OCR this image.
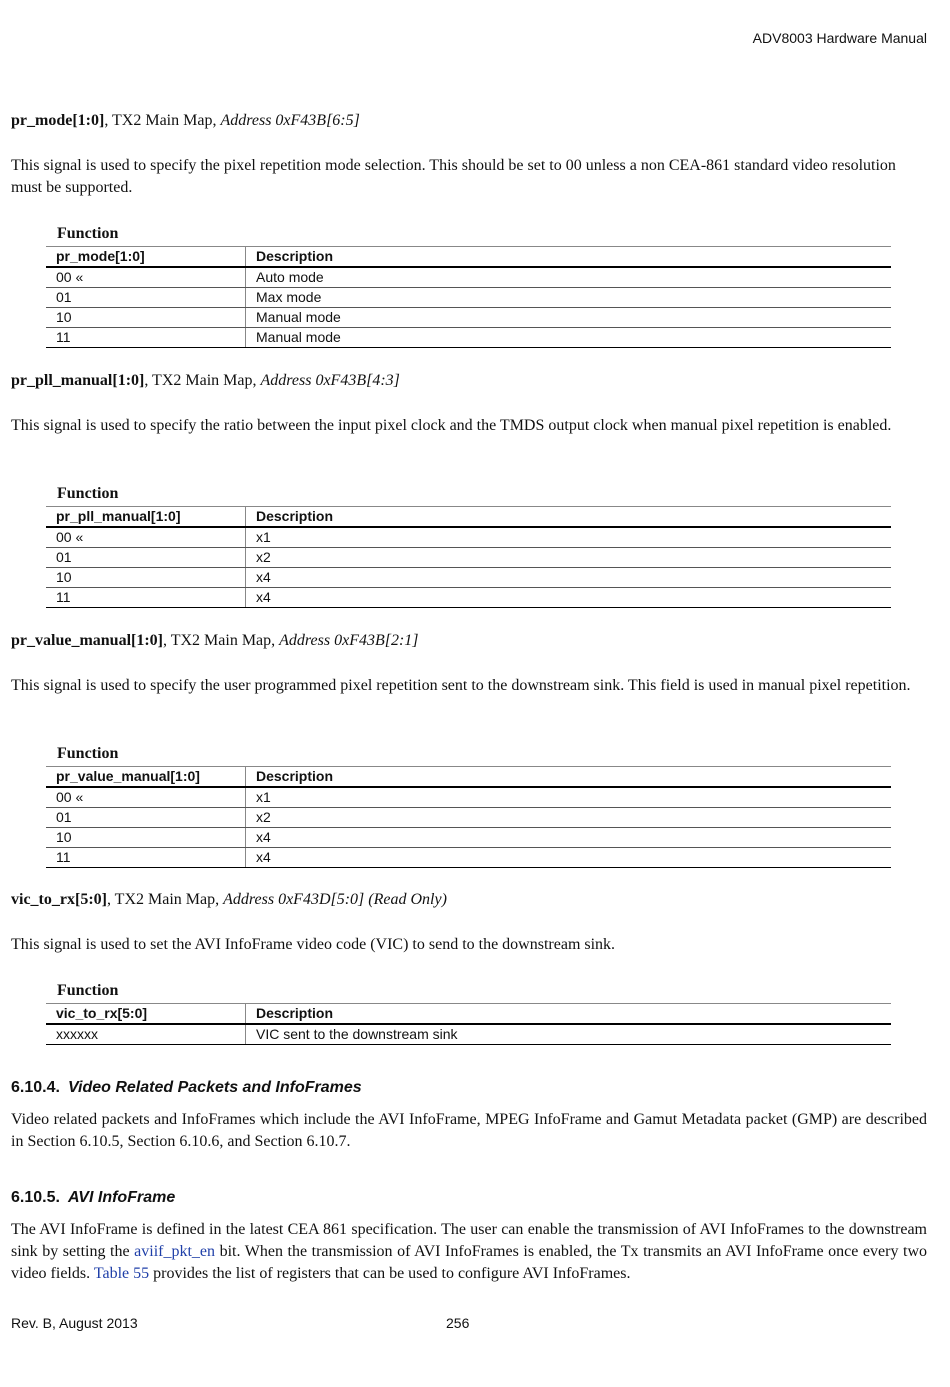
ADV8003 Hardware Manual
pr_mode[1:0], TX2 Main Map, Address 0xF43B[6:5]
This signal is used to specify the pixel repetition mode selection. This should be set to 00 unless a non CEA-861 standard video resolution must be supported.
Function
pr_mode[1:0]	Description
00 «	Auto mode
01	Max mode
10	Manual mode
11	Manual mode
pr_pll_manual[1:0], TX2 Main Map, Address 0xF43B[4:3]
This signal is used to specify the ratio between the input pixel clock and the TMDS output clock when manual pixel repetition is enabled.
Function
pr_pll_manual[1:0]	Description
00 «	x1
01	x2
10	x4
11	x4
pr_value_manual[1:0], TX2 Main Map, Address 0xF43B[2:1]
This signal is used to specify the user programmed pixel repetition sent to the downstream sink. This field is used in manual pixel repetition.
Function
pr_value_manual[1:0]	Description
00 «	x1
01	x2
10	x4
11	x4
vic_to_rx[5:0], TX2 Main Map, Address 0xF43D[5:0] (Read Only)
This signal is used to set the AVI InfoFrame video code (VIC) to send to the downstream sink.
Function
vic_to_rx[5:0]	Description
xxxxxx	VIC sent to the downstream sink
6.10.4. Video Related Packets and InfoFrames
Video related packets and InfoFrames which include the AVI InfoFrame, MPEG InfoFrame and Gamut Metadata packet (GMP) are described in Section 6.10.5, Section 6.10.6, and Section 6.10.7.
6.10.5. AVI InfoFrame
The AVI InfoFrame is defined in the latest CEA 861 specification. The user can enable the transmission of AVI InfoFrames to the downstream sink by setting the aviif_pkt_en bit. When the transmission of AVI InfoFrames is enabled, the Tx transmits an AVI InfoFrame once every two video fields. Table 55 provides the list of registers that can be used to configure AVI InfoFrames.
Rev. B, August 2013	256
